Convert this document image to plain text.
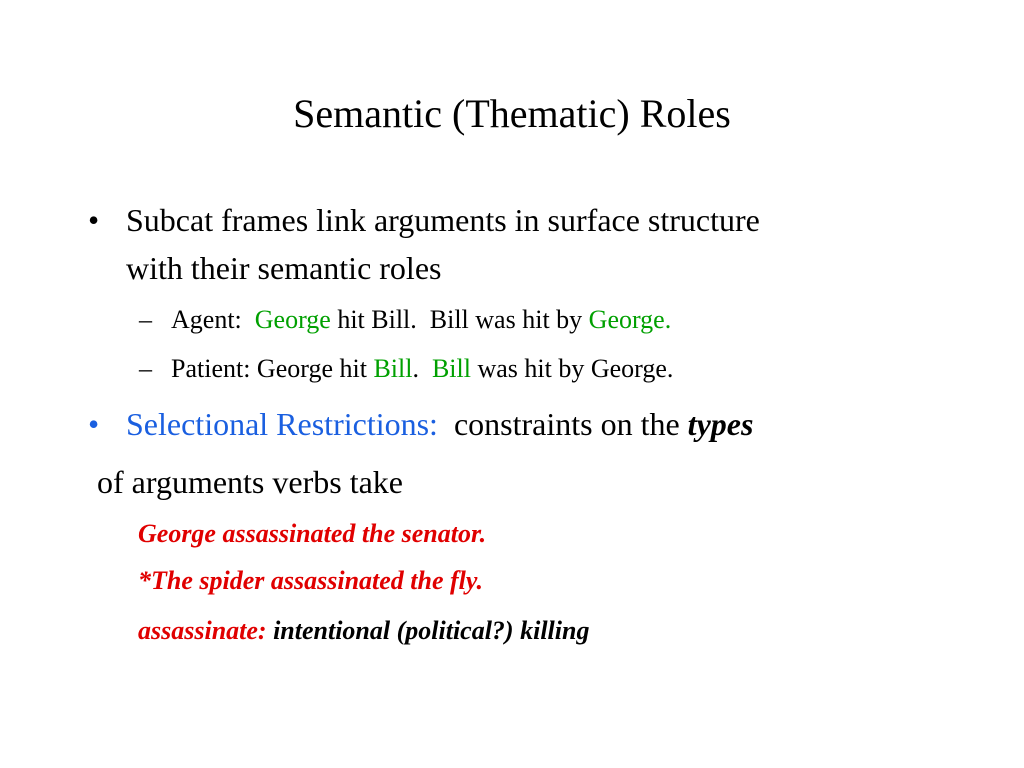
Semantic (Thematic) Roles
• Subcat frames link arguments in surface structure
with their semantic roles
– Agent:  George hit Bill.  Bill was hit by George.
– Patient: George hit Bill.  Bill was hit by George.
• Selectional Restrictions:  constraints on the types
of arguments verbs take
George assassinated the senator.
*The spider assassinated the fly.
assassinate: intentional (political?) killing
